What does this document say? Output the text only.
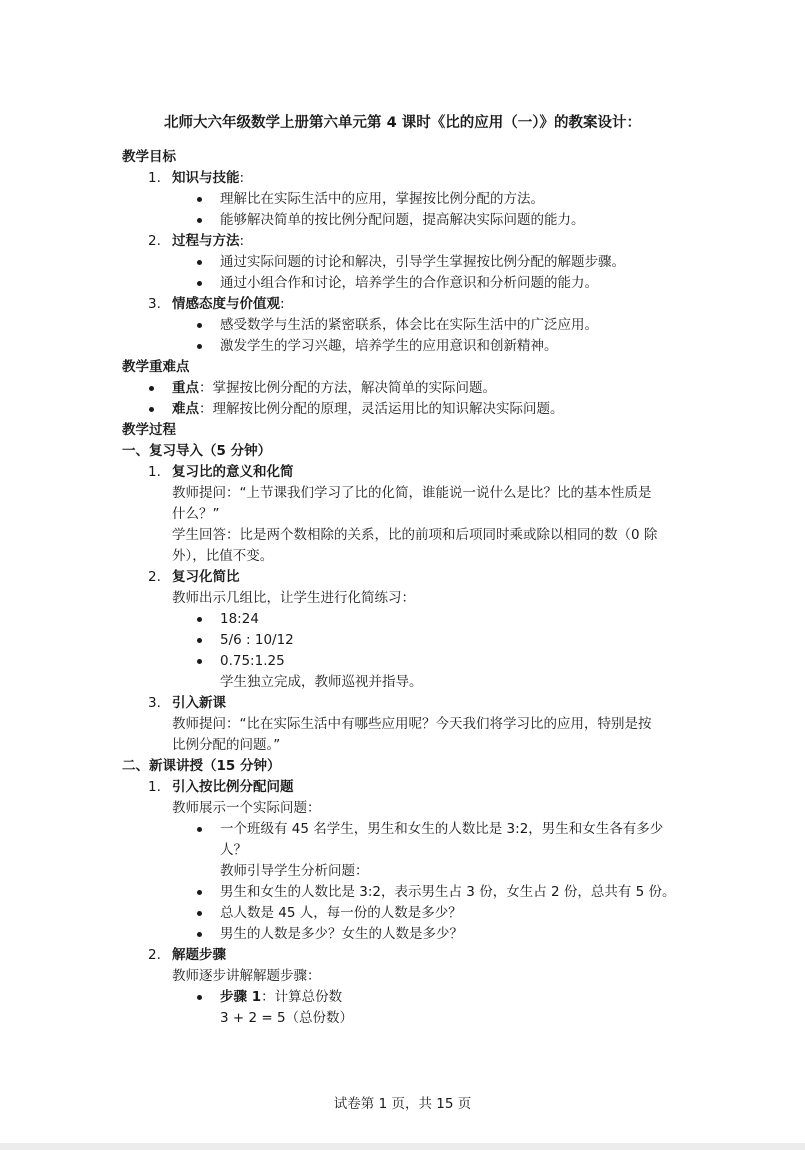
北师大六年级数学上册第六单元第 4 课时《比的应用（一）》的教案设计：
教学目标
1. 知识与技能:
理解比在实际生活中的应用，掌握按比例分配的方法。
能够解决简单的按比例分配问题，提高解决实际问题的能力。
2. 过程与方法:
通过实际问题的讨论和解决，引导学生掌握按比例分配的解题步骤。
通过小组合作和讨论，培养学生的合作意识和分析问题的能力。
3. 情感态度与价值观:
感受数学与生活的紧密联系，体会比在实际生活中的广泛应用。
激发学生的学习兴趣，培养学生的应用意识和创新精神。
教学重难点
重点：掌握按比例分配的方法，解决简单的实际问题。
难点：理解按比例分配的原理，灵活运用比的知识解决实际问题。
教学过程
一、复习导入（5 分钟）
1. 复习比的意义和化简
教师提问：“上节课我们学习了比的化简，谁能说一说什么是比？比的基本性质是
什么？”
学生回答：比是两个数相除的关系，比的前项和后项同时乘或除以相同的数（0 除
外），比值不变。
2. 复习化简比
教师出示几组比，让学生进行化简练习：
18:24
5/6 : 10/12
0.75:1.25
学生独立完成，教师巡视并指导。
3. 引入新课
教师提问：“比在实际生活中有哪些应用呢？今天我们将学习比的应用，特别是按
比例分配的问题。”
二、新课讲授（15 分钟）
1. 引入按比例分配问题
教师展示一个实际问题：
一个班级有 45 名学生，男生和女生的人数比是 3:2，男生和女生各有多少
人？
教师引导学生分析问题：
男生和女生的人数比是 3:2，表示男生占 3 份，女生占 2 份，总共有 5 份。
总人数是 45 人，每一份的人数是多少？
男生的人数是多少？女生的人数是多少？
2. 解题步骤
教师逐步讲解解题步骤：
步骤 1：计算总份数
3 + 2 = 5（总份数）
试卷第 1 页，共 15 页
